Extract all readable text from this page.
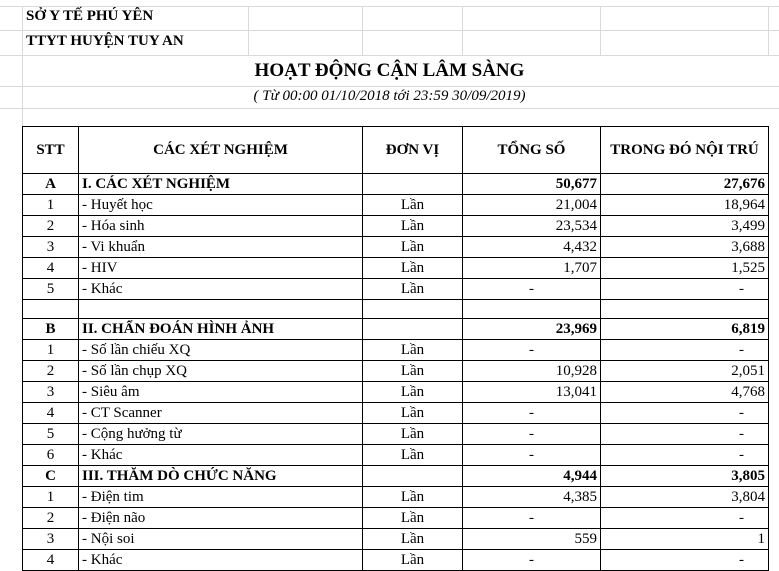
SỞ Y TẾ PHÚ YÊN
TTYT HUYỆN TUY AN
HOẠT ĐỘNG CẬN LÂM SÀNG
( Từ 00:00 01/10/2018 tới 23:59 30/09/2019)
STT	CÁC XÉT NGHIỆM	ĐƠN VỊ	TỔNG SỐ	TRONG ĐÓ NỘI TRÚ
A	I. CÁC XÉT NGHIỆM		50,677	27,676
1	- Huyết học	Lần	21,004	18,964
2	- Hóa sinh	Lần	23,534	3,499
3	- Vi khuẩn	Lần	4,432	3,688
4	- HIV	Lần	1,707	1,525
5	- Khác	Lần	-	-

B	II. CHẨN ĐOÁN HÌNH ẢNH		23,969	6,819
1	- Số lần chiếu XQ	Lần	-	-
2	- Số lần chụp XQ	Lần	10,928	2,051
3	- Siêu âm	Lần	13,041	4,768
4	- CT Scanner	Lần	-	-
5	- Cộng hưởng từ	Lần	-	-
6	- Khác	Lần	-	-
C	III. THĂM DÒ CHỨC NĂNG		4,944	3,805
1	- Điện tim	Lần	4,385	3,804
2	- Điện não	Lần	-	-
3	- Nội soi	Lần	559	1
4	- Khác	Lần	-	-
